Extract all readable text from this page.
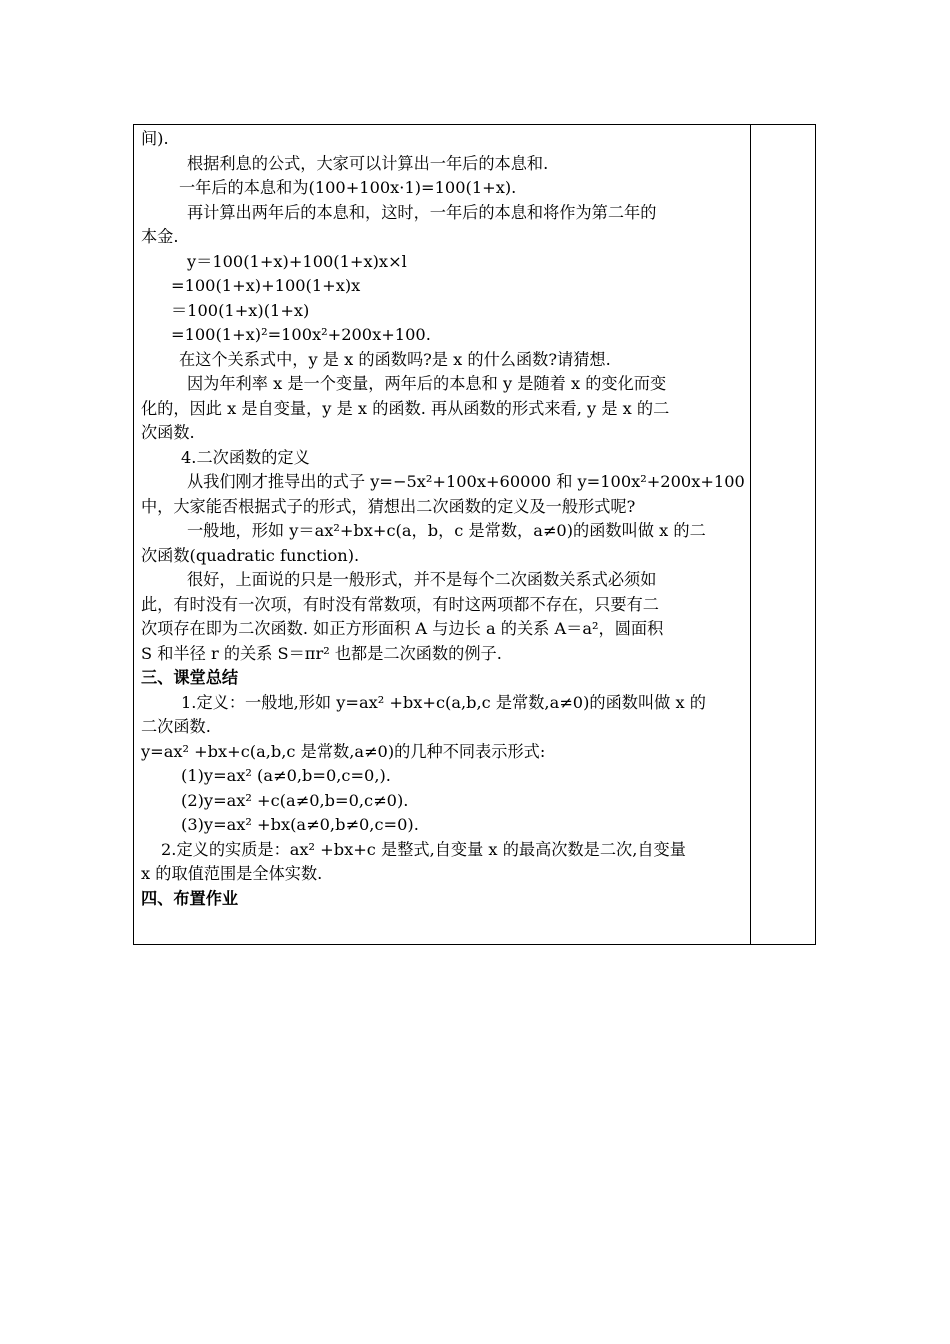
间).
根据利息的公式，大家可以计算出一年后的本息和.
一年后的本息和为(100+100x·1)=100(1+x).
再计算出两年后的本息和，这时，一年后的本息和将作为第二年的
本金.
y＝100(1+x)+100(1+x)x×l
=100(1+x)+100(1+x)x
＝100(1+x)(1+x)
=100(1+x)²=100x²+200x+100.
在这个关系式中，y 是 x 的函数吗?是 x 的什么函数?请猜想.
因为年利率 x 是一个变量，两年后的本息和 y 是随着 x 的变化而变
化的，因此 x 是自变量，y 是 x 的函数. 再从函数的形式来看, y 是 x 的二
次函数.
4.二次函数的定义
从我们刚才推导出的式子 y=−5x²+100x+60000 和 y=100x²+200x+100
中，大家能否根据式子的形式，猜想出二次函数的定义及一般形式呢?
一般地，形如 y＝ax²+bx+c(a，b，c 是常数，a≠0)的函数叫做 x 的二
次函数(quadratic function).
很好，上面说的只是一般形式，并不是每个二次函数关系式必须如
此，有时没有一次项，有时没有常数项，有时这两项都不存在，只要有二
次项存在即为二次函数. 如正方形面积 A 与边长 a 的关系 A＝a²，圆面积
S 和半径 r 的关系 S＝πr² 也都是二次函数的例子.
三、课堂总结
1.定义：一般地,形如 y=ax² +bx+c(a,b,c 是常数,a≠0)的函数叫做 x 的
二次函数.
y=ax² +bx+c(a,b,c 是常数,a≠0)的几种不同表示形式:
(1)y=ax² (a≠0,b=0,c=0,).
(2)y=ax² +c(a≠0,b=0,c≠0).
(3)y=ax² +bx(a≠0,b≠0,c=0).
2.定义的实质是：ax² +bx+c 是整式,自变量 x 的最高次数是二次,自变量
x 的取值范围是全体实数.
四、布置作业
